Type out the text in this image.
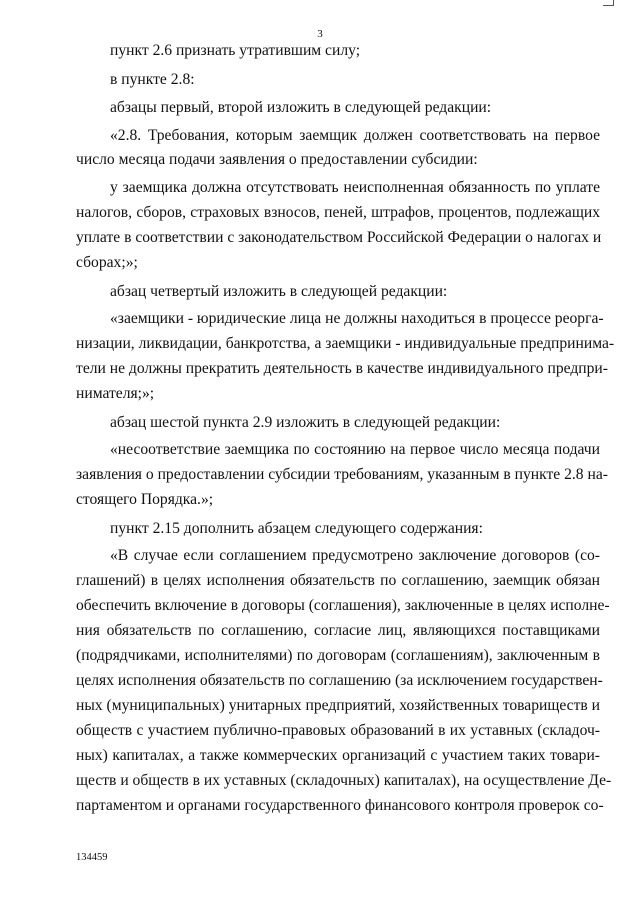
3
пункт 2.6 признать утратившим силу;
в пункте 2.8:
абзацы первый, второй изложить в следующей редакции:
«2.8. Требования, которым заемщик должен соответствовать на первое
число месяца подачи заявления о предоставлении субсидии:
у заемщика должна отсутствовать неисполненная обязанность по уплате
налогов, сборов, страховых взносов, пеней, штрафов, процентов, подлежащих
уплате в соответствии с законодательством Российской Федерации о налогах и
сборах;»;
абзац четвертый изложить в следующей редакции:
«заемщики - юридические лица не должны находиться в процессе реорга-
низации, ликвидации, банкротства, а заемщики - индивидуальные предпринима-
тели не должны прекратить деятельность в качестве индивидуального предпри-
нимателя;»;
абзац шестой пункта 2.9 изложить в следующей редакции:
«несоответствие заемщика по состоянию на первое число месяца подачи
заявления о предоставлении субсидии требованиям, указанным в пункте 2.8 на-
стоящего Порядка.»;
пункт 2.15 дополнить абзацем следующего содержания:
«В случае если соглашением предусмотрено заключение договоров (со-
глашений) в целях исполнения обязательств по соглашению, заемщик обязан
обеспечить включение в договоры (соглашения), заключенные в целях исполне-
ния обязательств по соглашению, согласие лиц, являющихся поставщиками
(подрядчиками, исполнителями) по договорам (соглашениям), заключенным в
целях исполнения обязательств по соглашению (за исключением государствен-
ных (муниципальных) унитарных предприятий, хозяйственных товариществ и
обществ с участием публично-правовых образований в их уставных (складоч-
ных) капиталах, а также коммерческих организаций с участием таких товари-
ществ и обществ в их уставных (складочных) капиталах), на осуществление Де-
партаментом и органами государственного финансового контроля проверок со-
134459
